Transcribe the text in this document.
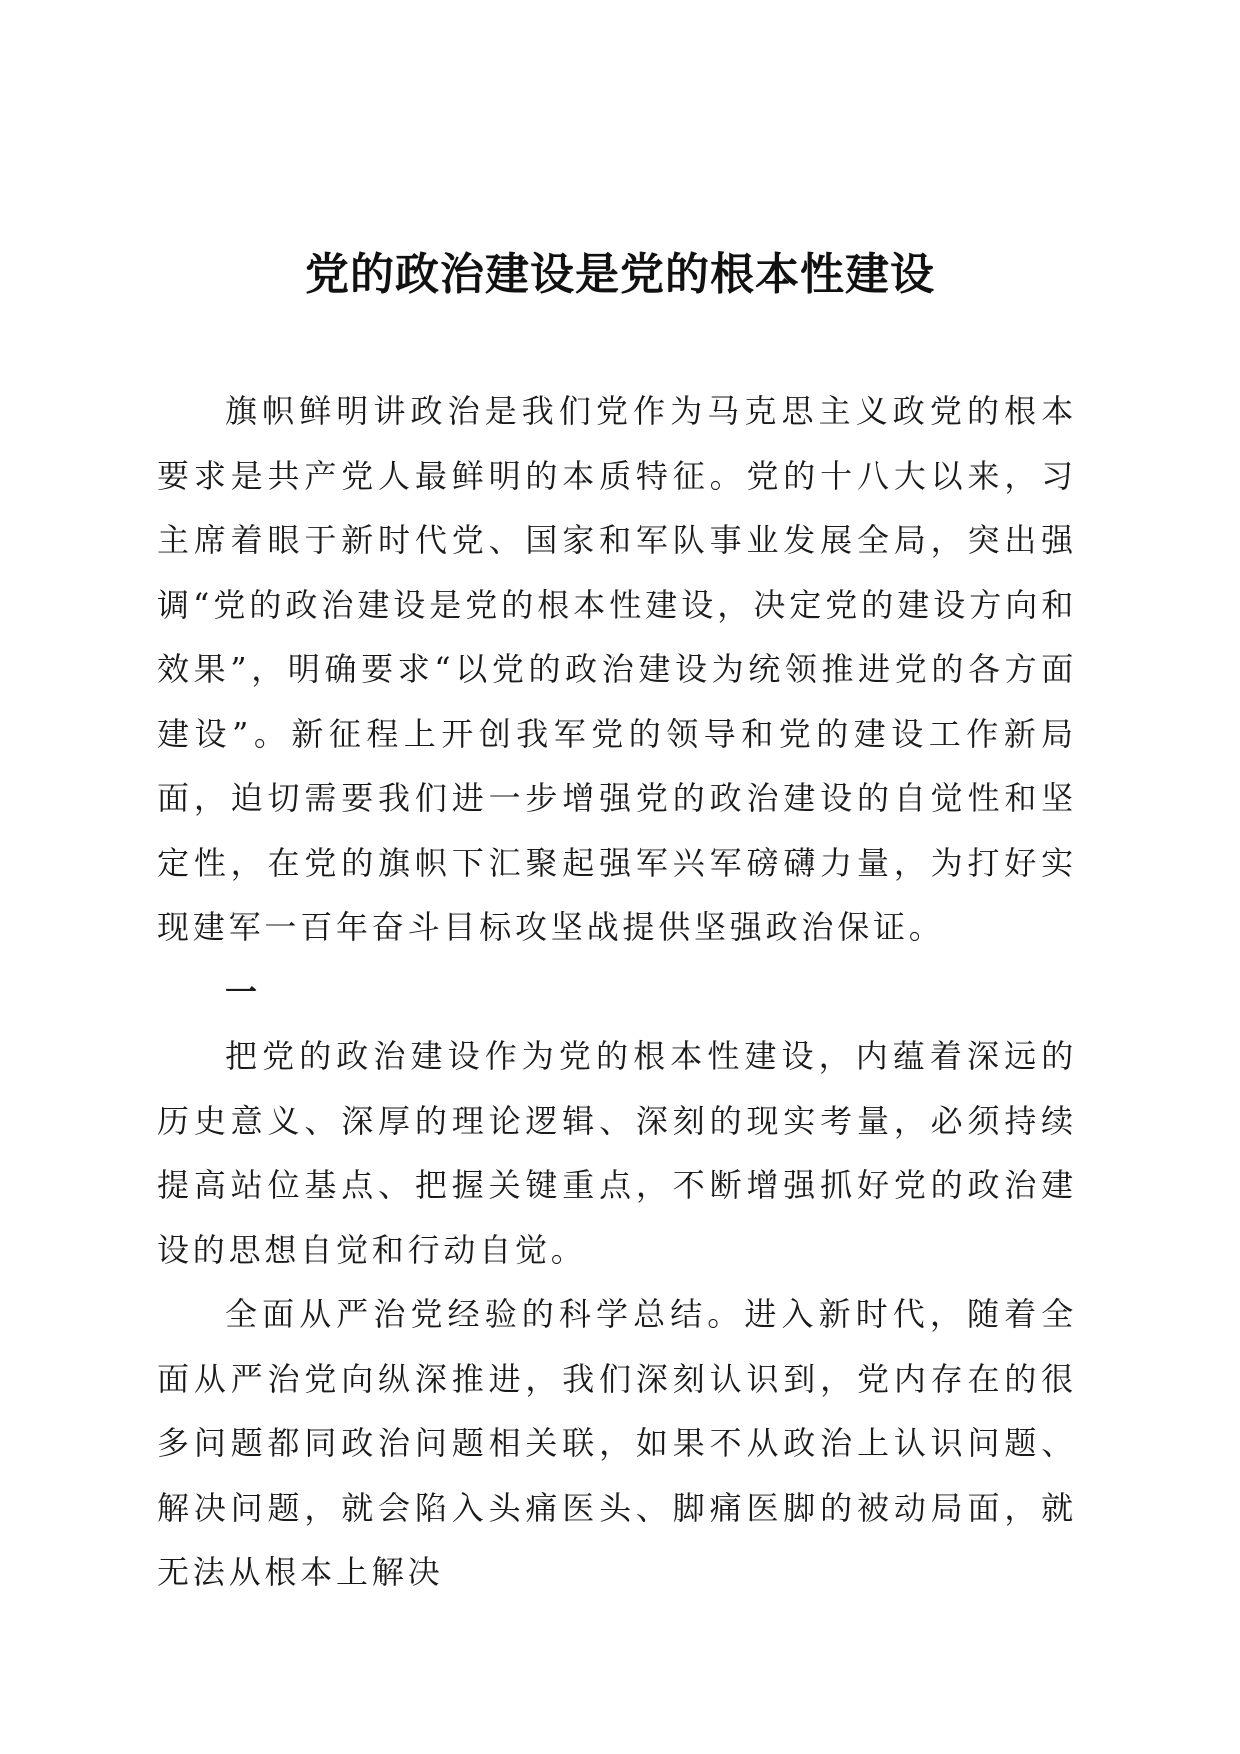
党的政治建设是党的根本性建设

旗帜鲜明讲政治是我们党作为马克思主义政党的根本要求是共产党人最鲜明的本质特征。党的十八大以来，习主席着眼于新时代党、国家和军队事业发展全局，突出强调“党的政治建设是党的根本性建设，决定党的建设方向和效果”，明确要求“以党的政治建设为统领推进党的各方面建设”。新征程上开创我军党的领导和党的建设工作新局面，迫切需要我们进一步增强党的政治建设的自觉性和坚定性，在党的旗帜下汇聚起强军兴军磅礴力量，为打好实现建军一百年奋斗目标攻坚战提供坚强政治保证。

一

把党的政治建设作为党的根本性建设，内蕴着深远的历史意义、深厚的理论逻辑、深刻的现实考量，必须持续提高站位基点、把握关键重点，不断增强抓好党的政治建设的思想自觉和行动自觉。

全面从严治党经验的科学总结。进入新时代，随着全面从严治党向纵深推进，我们深刻认识到，党内存在的很多问题都同政治问题相关联，如果不从政治上认识问题、解决问题，就会陷入头痛医头、脚痛医脚的被动局面，就无法从根本上解决
